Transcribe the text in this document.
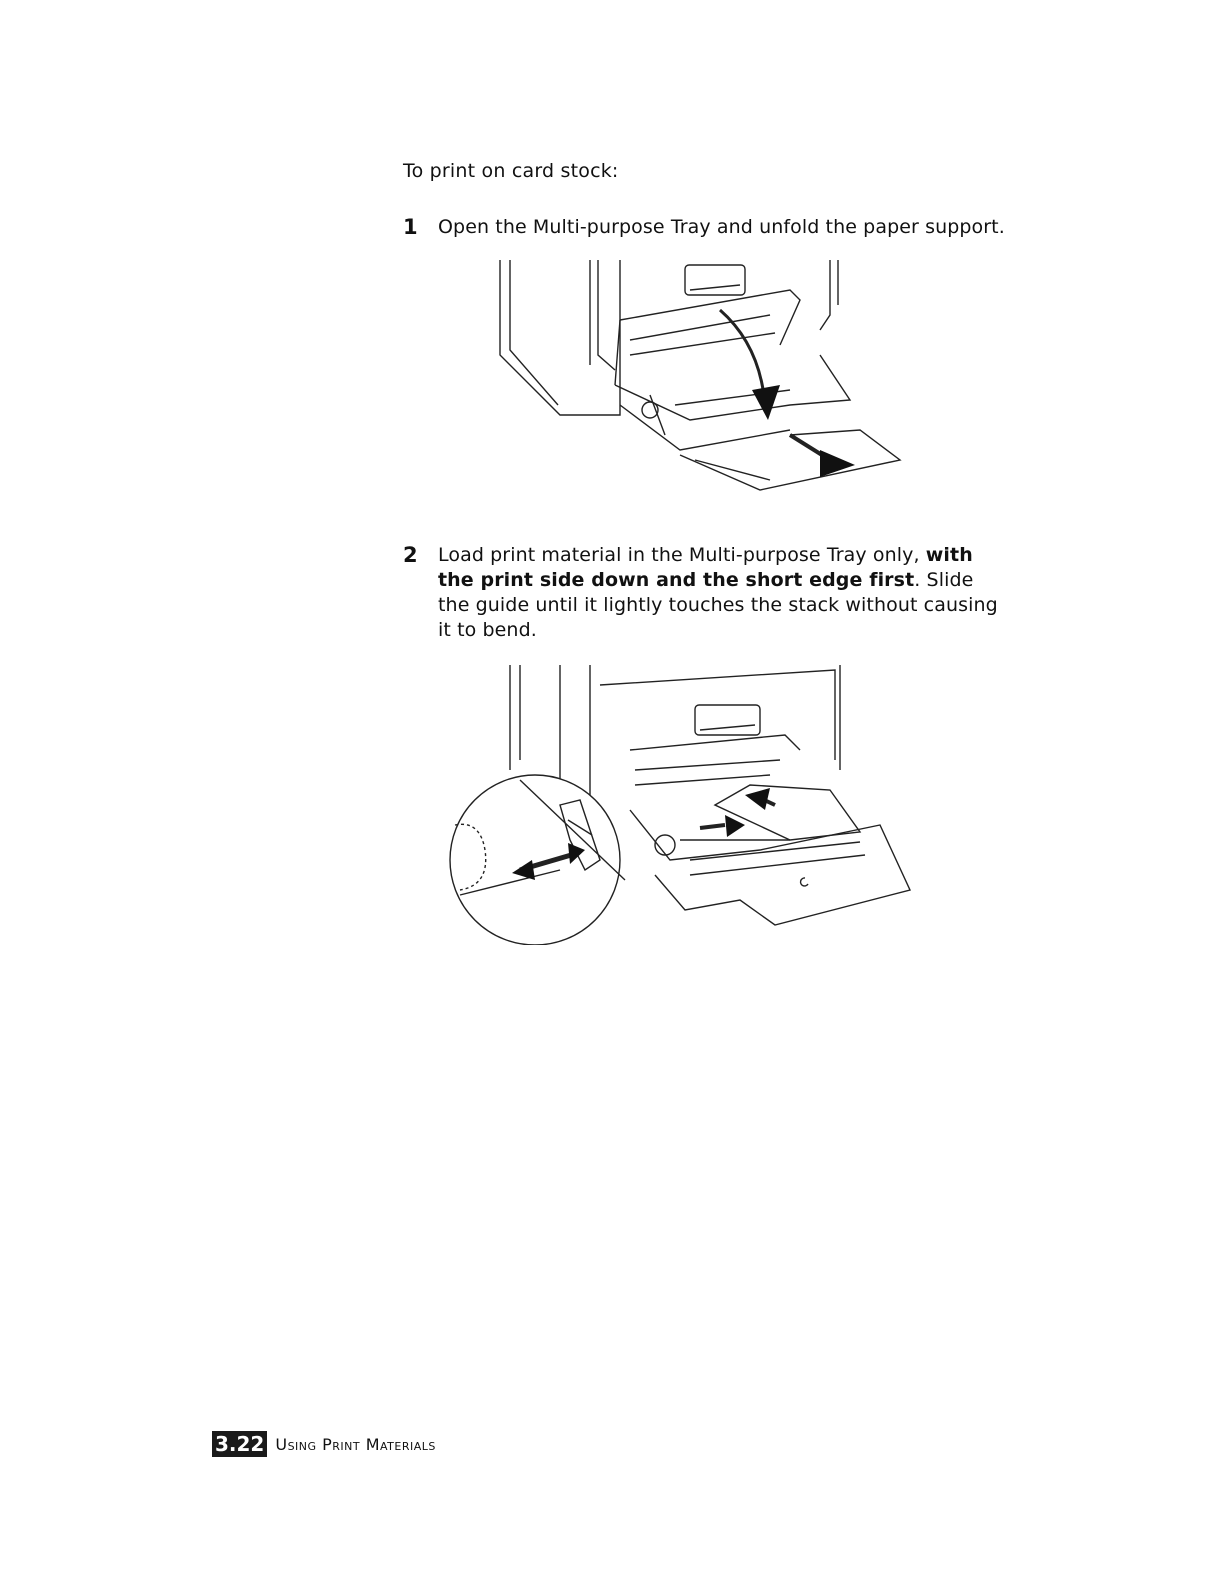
To print on card stock:
1 Open the Multi-purpose Tray and unfold the paper support.
2 Load print material in the Multi-purpose Tray only, with the print side down and the short edge first. Slide the guide until it lightly touches the stack without causing it to bend.
3.22 Using Print Materials
